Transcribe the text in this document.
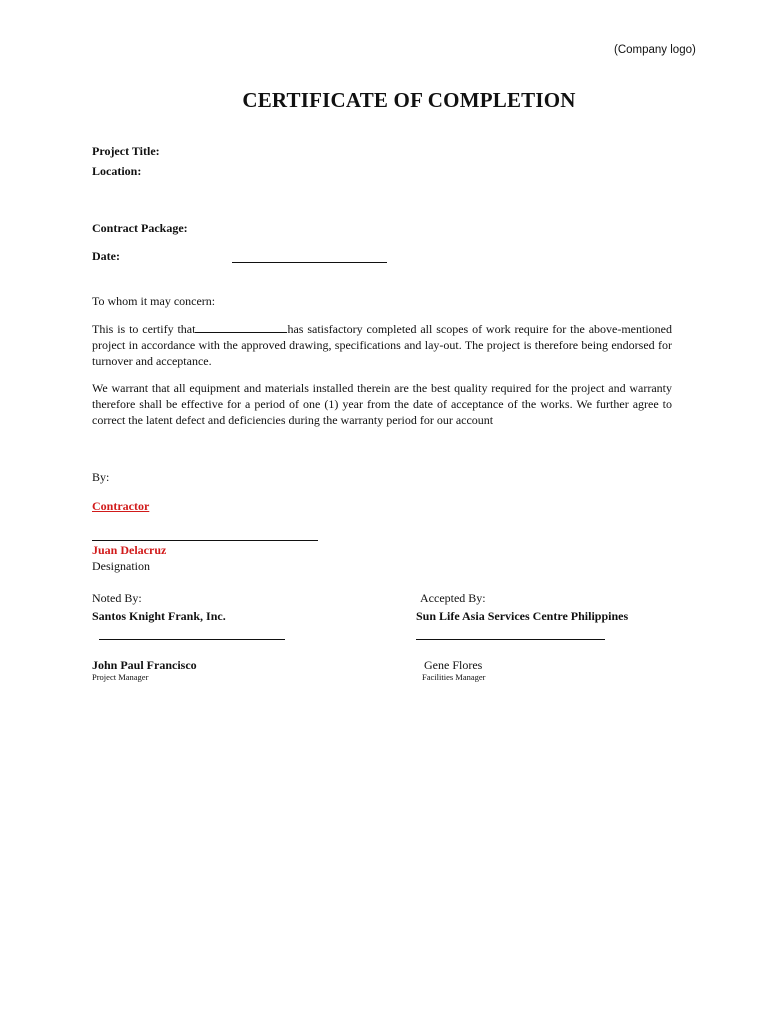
(Company logo)
CERTIFICATE OF COMPLETION
Project Title:
Location:
Contract Package:
Date:
To whom it may concern:
This is to certify that	has satisfactory completed all scopes of work require for the above-mentioned project in accordance with the approved drawing, specifications and lay-out. The project is therefore being endorsed for turnover and acceptance.
We warrant that all equipment and materials installed therein are the best quality required for the project and warranty therefore shall be effective for a period of one (1) year from the date of acceptance of the works. We further agree to correct the latent defect and deficiencies during the warranty period for our account
By:
Contractor
Juan Delacruz
Designation
Noted By:
Santos Knight Frank, Inc.
John Paul Francisco
Project Manager
Accepted By:
Sun Life Asia Services Centre Philippines
Gene Flores
Facilities Manager
